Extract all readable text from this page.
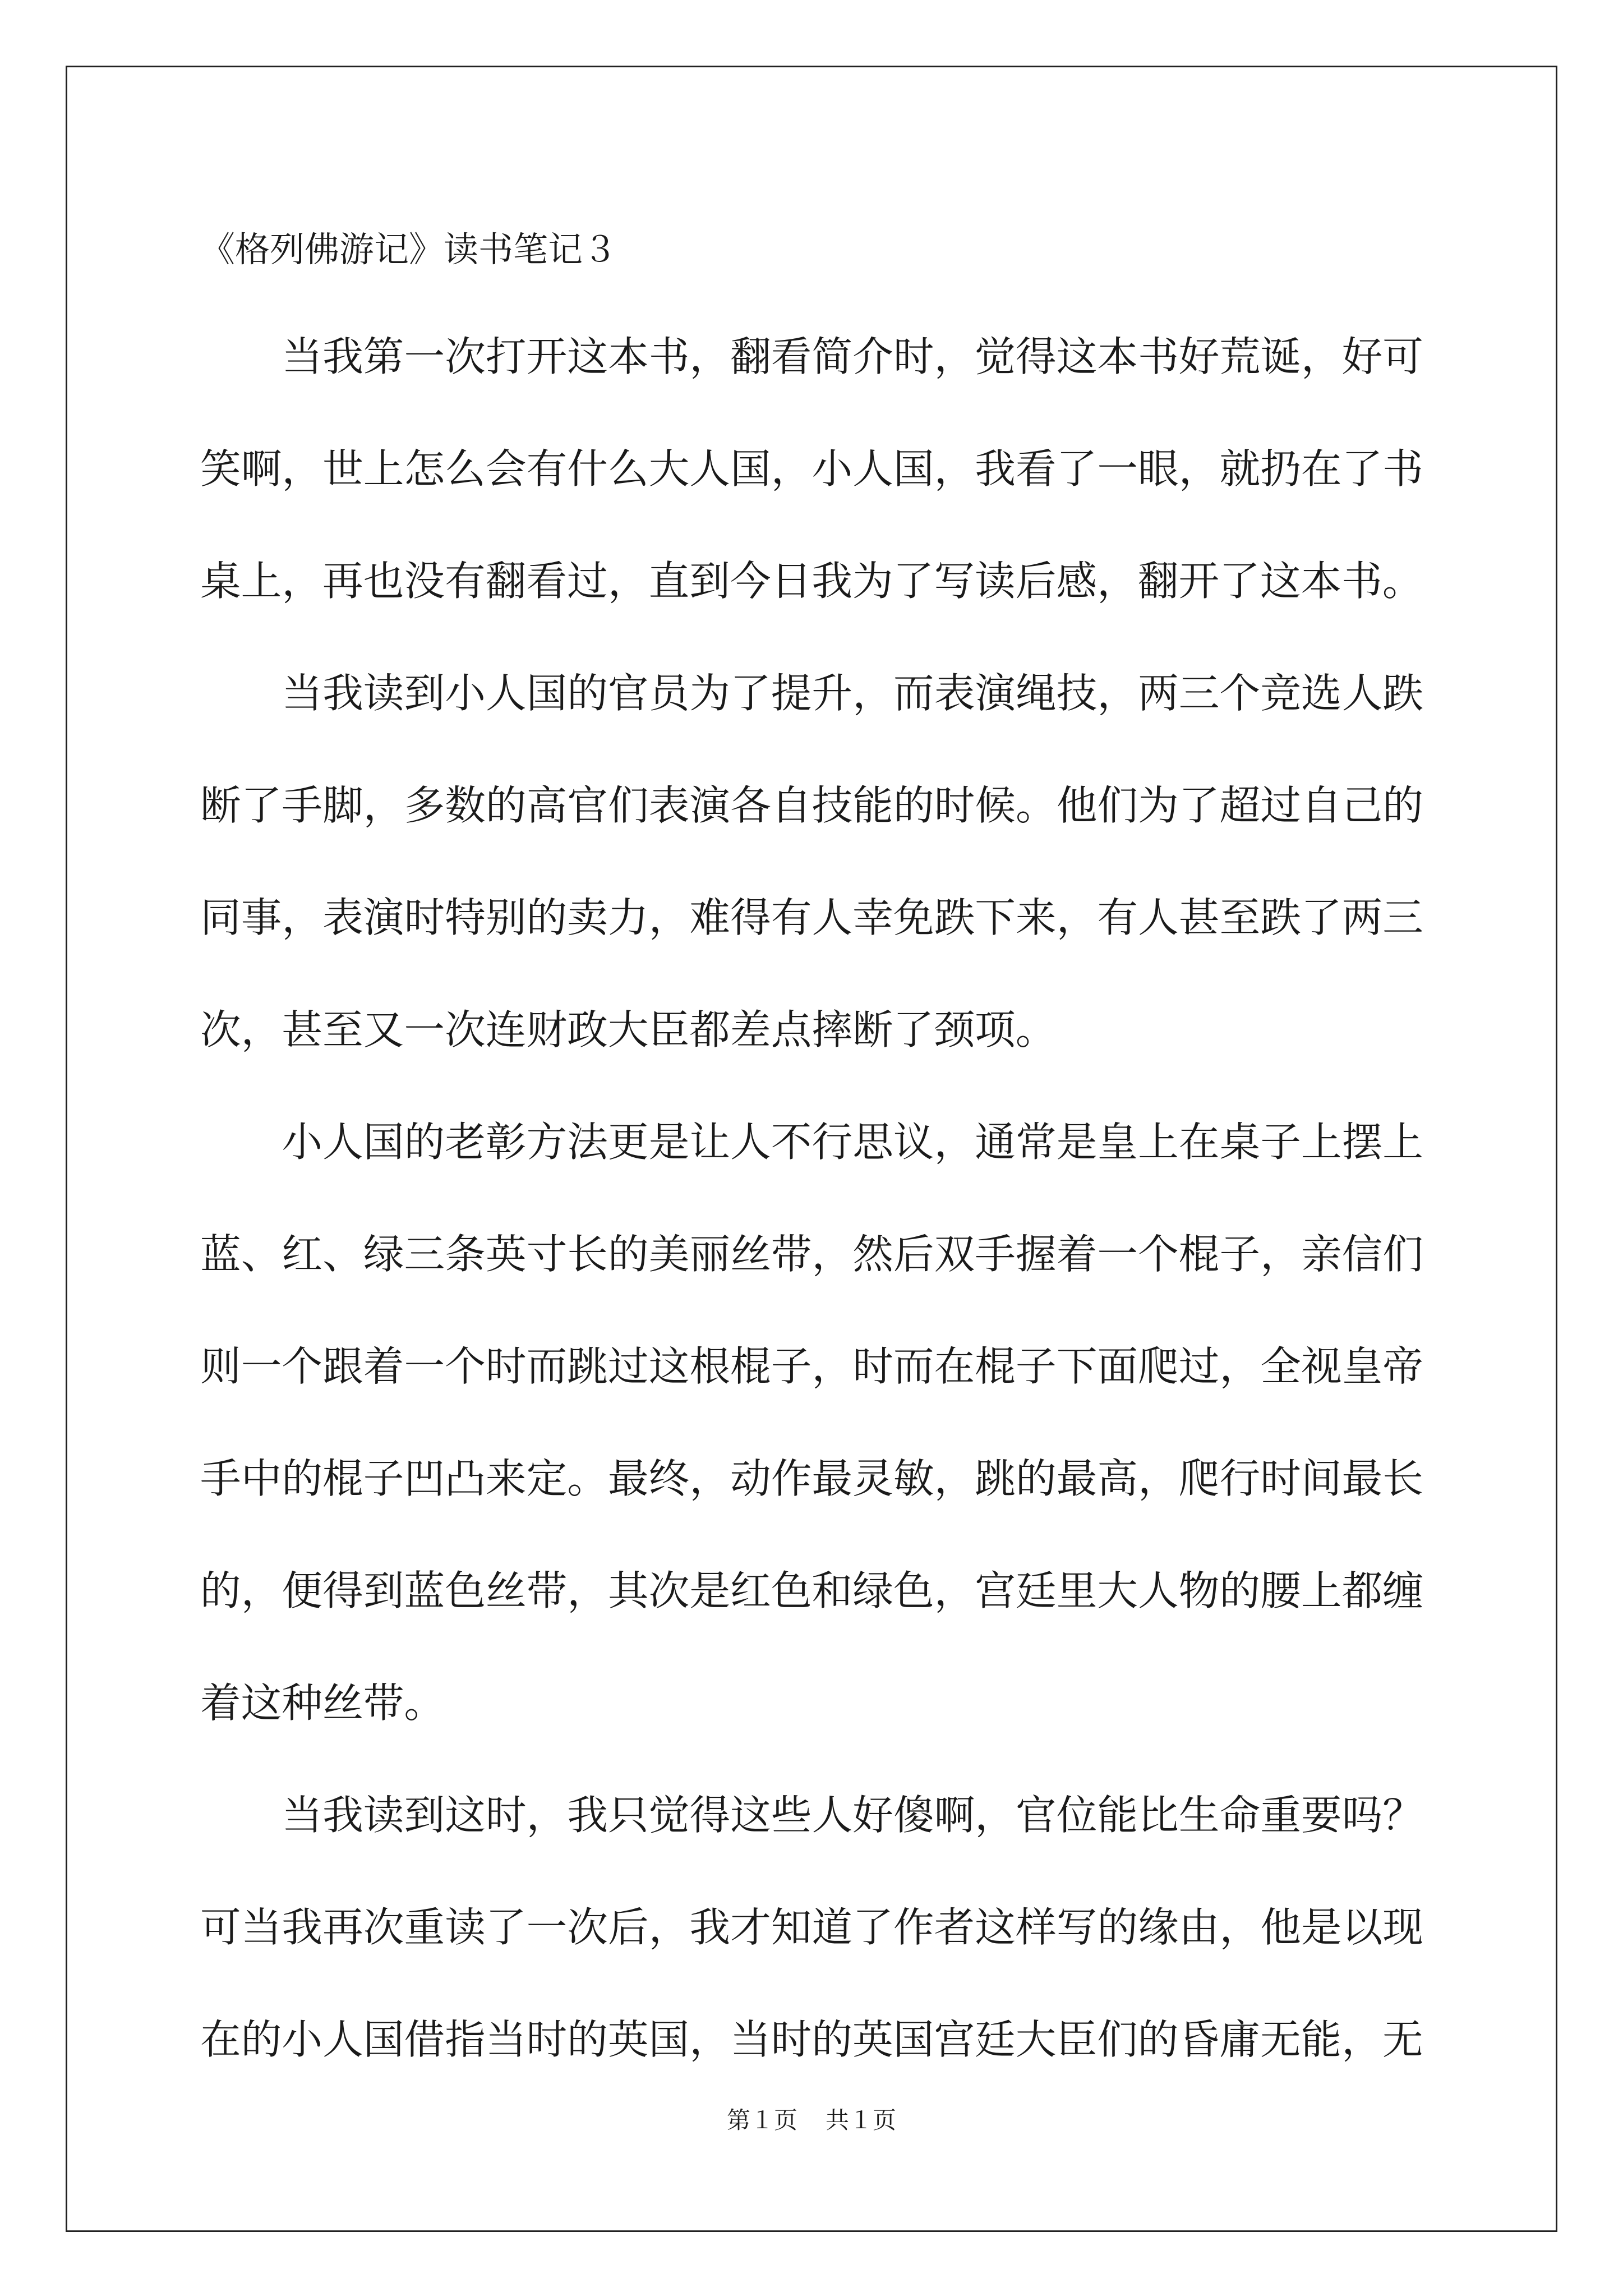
《格列佛游记》读书笔记３

当我第一次打开这本书，翻看简介时，觉得这本书好荒诞，好可笑啊，世上怎么会有什么大人国，小人国，我看了一眼，就扔在了书桌上，再也没有翻看过，直到今日我为了写读后感，翻开了这本书。

当我读到小人国的官员为了提升，而表演绳技，两三个竞选人跌断了手脚，多数的高官们表演各自技能的时候。他们为了超过自己的同事，表演时特别的卖力，难得有人幸免跌下来，有人甚至跌了两三次，甚至又一次连财政大臣都差点摔断了颈项。

小人国的老彰方法更是让人不行思议，通常是皇上在桌子上摆上蓝、红、绿三条英寸长的美丽丝带，然后双手握着一个棍子，亲信们则一个跟着一个时而跳过这根棍子，时而在棍子下面爬过，全视皇帝手中的棍子凹凸来定。最终，动作最灵敏，跳的最高，爬行时间最长的，便得到蓝色丝带，其次是红色和绿色，宫廷里大人物的腰上都缠着这种丝带。

当我读到这时，我只觉得这些人好傻啊，官位能比生命重要吗？可当我再次重读了一次后，我才知道了作者这样写的缘由，他是以现在的小人国借指当时的英国，当时的英国宫廷大臣们的昏庸无能，无

第１页 共１页
